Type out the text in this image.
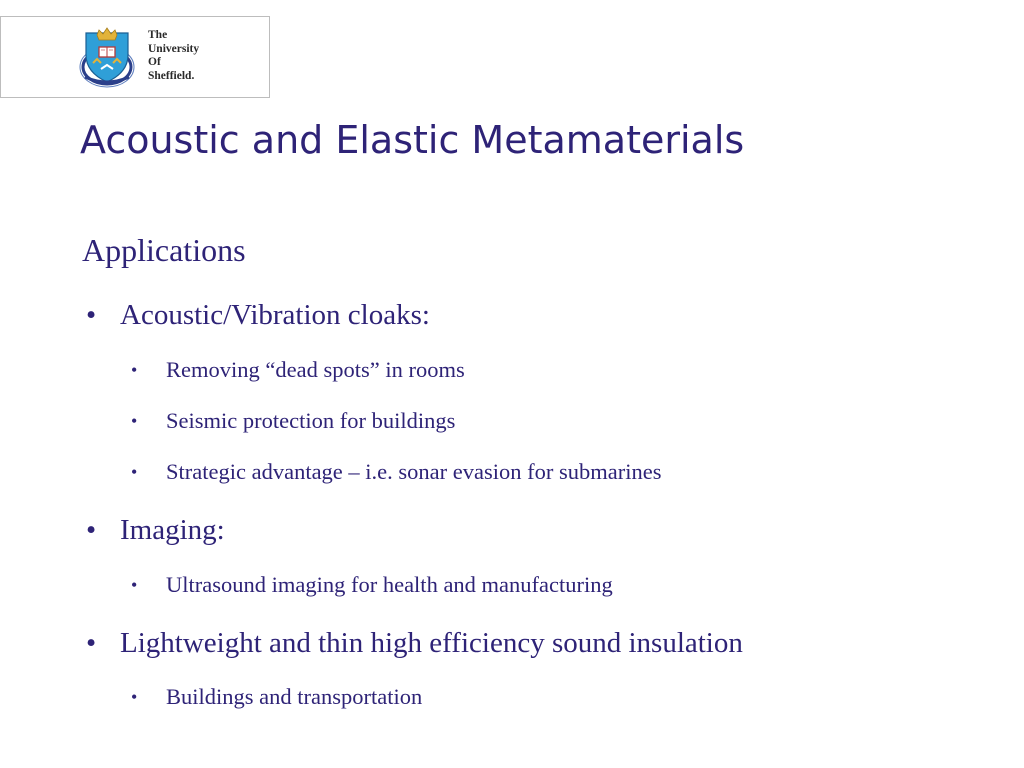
The
University
Of
Sheffield.
Acoustic and Elastic Metamaterials
Applications
• Acoustic/Vibration cloaks:
• Removing “dead spots” in rooms
• Seismic protection for buildings
• Strategic advantage – i.e. sonar evasion for submarines
• Imaging:
• Ultrasound imaging for health and manufacturing
• Lightweight and thin high efficiency sound insulation
• Buildings and transportation
